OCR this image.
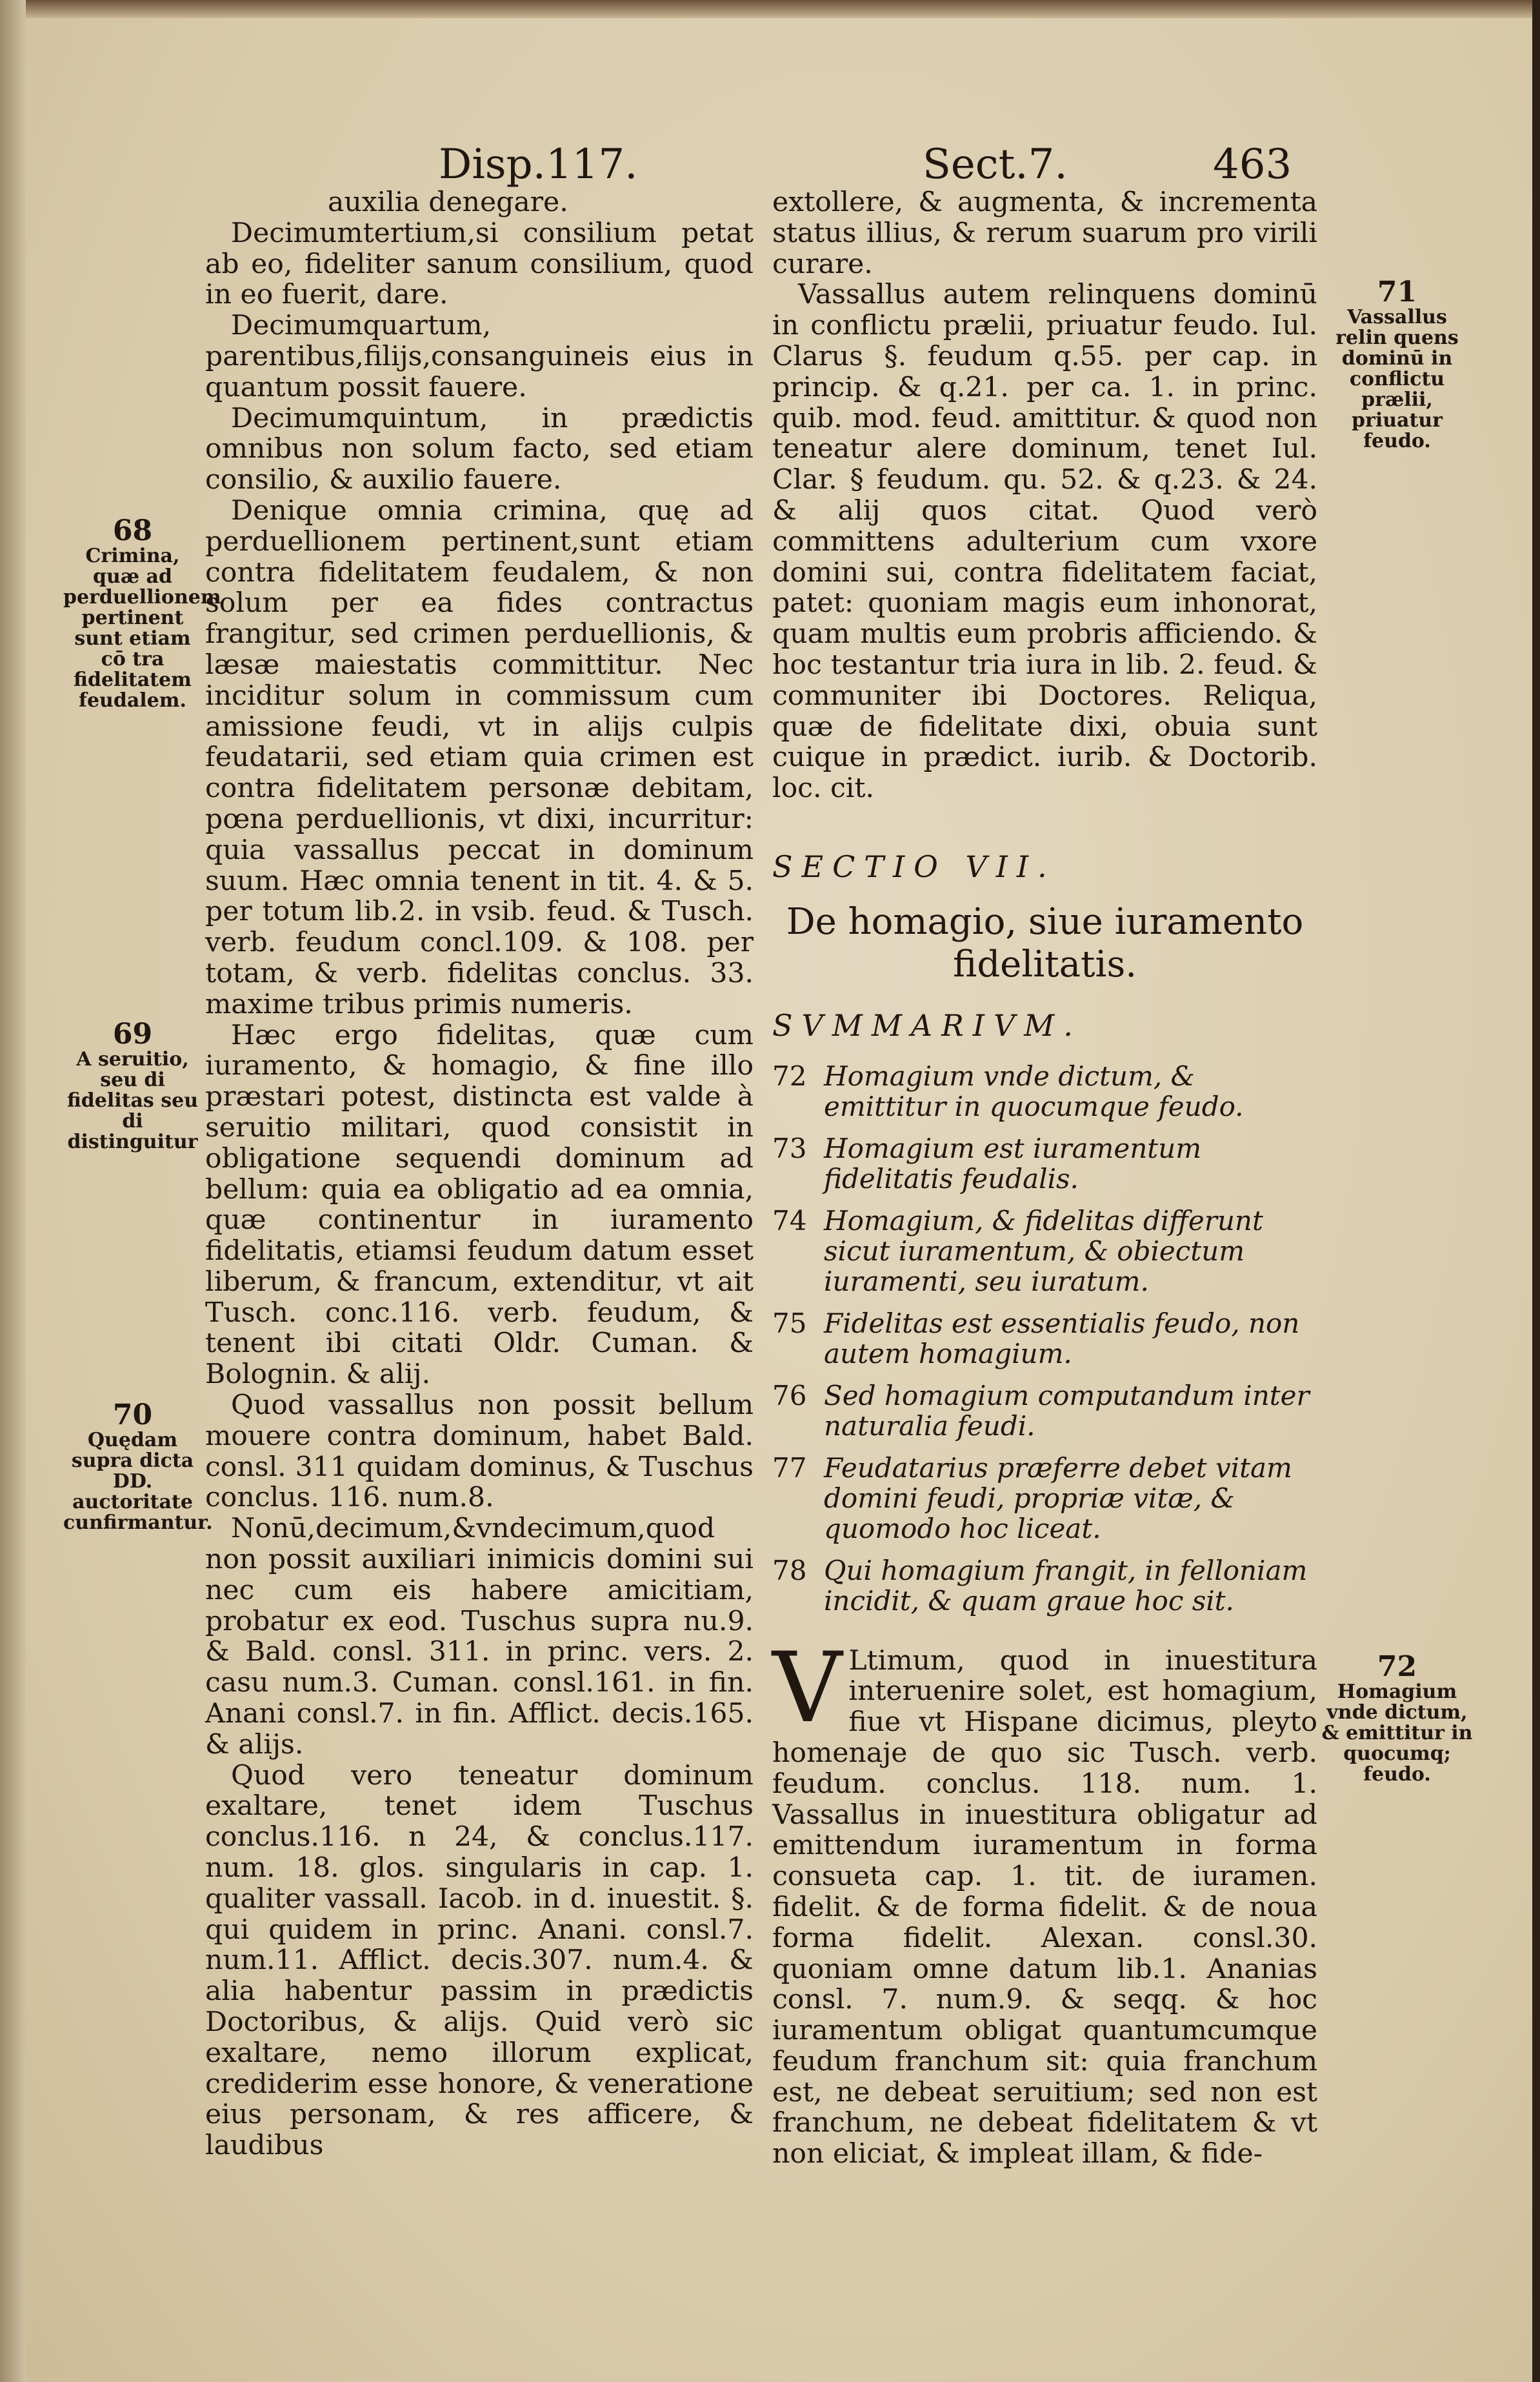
Disp.117.	Sect.7.	463

auxilia denegare.

Decimumtertium,si consilium petat ab eo, fideliter sanum consilium, quod in eo fuerit, dare.

Decimumquartum, parentibus,filijs,consanguineis eius in quantum possit fauere.

Decimumquintum, in prædictis omnibus non solum facto, sed etiam consilio, & auxilio fauere.

Denique omnia crimina, quę ad perduellionem pertinent,sunt etiam contra fidelitatem feudalem, & non solum per ea fides contractus frangitur, sed crimen perduellionis, & læsæ maiestatis committitur. Nec inciditur solum in commissum cum amissione feudi, vt in alijs culpis feudatarii, sed etiam quia crimen est contra fidelitatem personæ debitam, pœna perduellionis, vt dixi, incurritur: quia vassallus peccat in dominum suum. Hæc omnia tenent in tit. 4. & 5. per totum lib.2. in vsib. feud. & Tusch. verb. feudum concl.109. & 108. per totam, & verb. fidelitas conclus. 33. maxime tribus primis numeris.

Hæc ergo fidelitas, quæ cum iuramento, & homagio, & fine illo præstari potest, distincta est valde à seruitio militari, quod consistit in obligatione sequendi dominum ad bellum: quia ea obligatio ad ea omnia, quæ continentur in iuramento fidelitatis, etiamsi feudum datum esset liberum, & francum, extenditur, vt ait Tusch. conc.116. verb. feudum, & tenent ibi citati Oldr. Cuman. & Bolognin. & alij.

Quod vassallus non possit bellum mouere contra dominum, habet Bald. consl. 311 quidam dominus, & Tuschus conclus. 116. num.8.

Nonū,decimum,&vndecimum,quod non possit auxiliari inimicis domini sui nec cum eis habere amicitiam, probatur ex eod. Tuschus supra nu.9. & Bald. consl. 311. in princ. vers. 2. casu num.3. Cuman. consl.161. in fin. Anani consl.7. in fin. Afflict. decis.165. & alijs.

Quod vero teneatur dominum exaltare, tenet idem Tuschus conclus.116. n 24, & conclus.117. num. 18. glos. singularis in cap. 1. qualiter vassall. Iacob. in d. inuestit. §. qui quidem in princ. Anani. consl.7. num.11. Afflict. decis.307. num.4. & alia habentur passim in prædictis Doctoribus, & alijs. Quid verò sic exaltare, nemo illorum explicat, crediderim esse honore, & veneratione eius personam, & res afficere, & laudibus

extollere, & augmenta, & incrementa status illius, & rerum suarum pro virili curare.

Vassallus autem relinquens dominū in conflictu prælii, priuatur feudo. Iul. Clarus §. feudum q.55. per cap. in princip. & q.21. per ca. 1. in princ. quib. mod. feud. amittitur. & quod non teneatur alere dominum, tenet Iul. Clar. § feudum. qu. 52. & q.23. & 24. & alij quos citat. Quod verò committens adulterium cum vxore domini sui, contra fidelitatem faciat, patet: quoniam magis eum inhonorat, quam multis eum probris afficiendo. & hoc testantur tria iura in lib. 2. feud. & communiter ibi Doctores. Reliqua, quæ de fidelitate dixi, obuia sunt cuique in prædict. iurib. & Doctorib. loc. cit.

SECTIO VII.

De homagio, siue iuramento fidelitatis.

SVMMARIVM.

72 Homagium vnde dictum, & emittitur in quocumque feudo.
73 Homagium est iuramentum fidelitatis feudalis.
74 Homagium, & fidelitas differunt sicut iuramentum, & obiectum iuramenti, seu iuratum.
75 Fidelitas est essentialis feudo, non autem homagium.
76 Sed homagium computandum inter naturalia feudi.
77 Feudatarius præferre debet vitam domini feudi, propriæ vitæ, & quomodo hoc liceat.
78 Qui homagium frangit, in felloniam incidit, & quam graue hoc sit.
V Ltimum, quod in inuestitura interuenire solet, est homagium, fiue vt Hispane dicimus, pleyto homenaje de quo sic Tusch. verb. feudum. conclus. 118. num. 1. Vassallus in inuestitura obligatur ad emittendum iuramentum in forma consueta cap. 1. tit. de iuramen. fidelit. & de forma fidelit. & de noua forma fidelit. Alexan. consl.30. quoniam omne datum lib.1. Ananias consl. 7. num.9. & seqq. & hoc iuramentum obligat quantumcumque feudum franchum sit: quia franchum est, ne debeat seruitium; sed non est franchum, ne debeat fidelitatem & vt non eliciat, & impleat illam, & fide-

68
Crimina, quæ ad perduellionem pertinent sunt etiam cō tra fidelitatem feudalem.
69
A seruitio, seu di fidelitas seu di distinguitur
70
Quędam supra dicta DD. auctoritate cunfirmantur.
71
Vassallus relin quens dominū in conflictu prælii, priuatur feudo.
72
Homagium vnde dictum, & emittitur in quocumq; feudo.
